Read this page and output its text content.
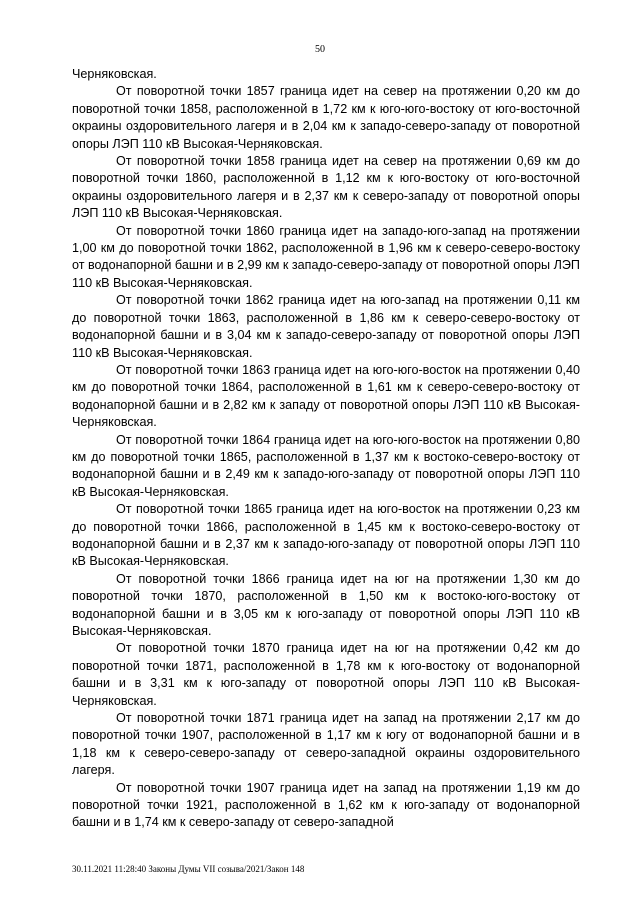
50

Черняковская.

От поворотной точки 1857 граница идет на север на протяжении 0,20 км до поворотной точки 1858, расположенной в 1,72 км к юго-юго-востоку от юго-восточной окраины оздоровительного лагеря и в 2,04 км к западо-северо-западу от поворотной опоры ЛЭП 110 кВ Высокая-Черняковская.

От поворотной точки 1858 граница идет на север на протяжении 0,69 км до поворотной точки 1860, расположенной в 1,12 км к юго-востоку от юго-восточной окраины оздоровительного лагеря и в 2,37 км к северо-западу от поворотной опоры ЛЭП 110 кВ Высокая-Черняковская.

От поворотной точки 1860 граница идет на западо-юго-запад на протяжении 1,00 км до поворотной точки 1862, расположенной в 1,96 км к северо-северо-востоку от водонапорной башни и в 2,99 км к западо-северо-западу от поворотной опоры ЛЭП 110 кВ Высокая-Черняковская.

От поворотной точки 1862 граница идет на юго-запад на протяжении 0,11 км до поворотной точки 1863, расположенной в 1,86 км к северо-северо-востоку от водонапорной башни и в 3,04 км к западо-северо-западу от поворотной опоры ЛЭП 110 кВ Высокая-Черняковская.

От поворотной точки 1863 граница идет на юго-юго-восток на протяжении 0,40 км до поворотной точки 1864, расположенной в 1,61 км к северо-северо-востоку от водонапорной башни и в 2,82 км к западу от поворотной опоры ЛЭП 110 кВ Высокая-Черняковская.

От поворотной точки 1864 граница идет на юго-юго-восток на протяжении 0,80 км до поворотной точки 1865, расположенной в 1,37 км к востоко-северо-востоку от водонапорной башни и в 2,49 км к западо-юго-западу от поворотной опоры ЛЭП 110 кВ Высокая-Черняковская.

От поворотной точки 1865 граница идет на юго-восток на протяжении 0,23 км до поворотной точки 1866, расположенной в 1,45 км к востоко-северо-востоку от водонапорной башни и в 2,37 км к западо-юго-западу от поворотной опоры ЛЭП 110 кВ Высокая-Черняковская.

От поворотной точки 1866 граница идет на юг на протяжении 1,30 км до поворотной точки 1870, расположенной в 1,50 км к востоко-юго-востоку от водонапорной башни и в 3,05 км к юго-западу от поворотной опоры ЛЭП 110 кВ Высокая-Черняковская.

От поворотной точки 1870 граница идет на юг на протяжении 0,42 км до поворотной точки 1871, расположенной в 1,78 км к юго-востоку от водонапорной башни и в 3,31 км к юго-западу от поворотной опоры ЛЭП 110 кВ Высокая-Черняковская.

От поворотной точки 1871 граница идет на запад на протяжении 2,17 км до поворотной точки 1907, расположенной в 1,17 км к югу от водонапорной башни и в 1,18 км к северо-северо-западу от северо-западной окраины оздоровительного лагеря.

От поворотной точки 1907 граница идет на запад на протяжении 1,19 км до поворотной точки 1921, расположенной в 1,62 км к юго-западу от водонапорной башни и в 1,74 км к северо-западу от северо-западной

30.11.2021 11:28:40 Законы Думы VII созыва/2021/Закон 148
